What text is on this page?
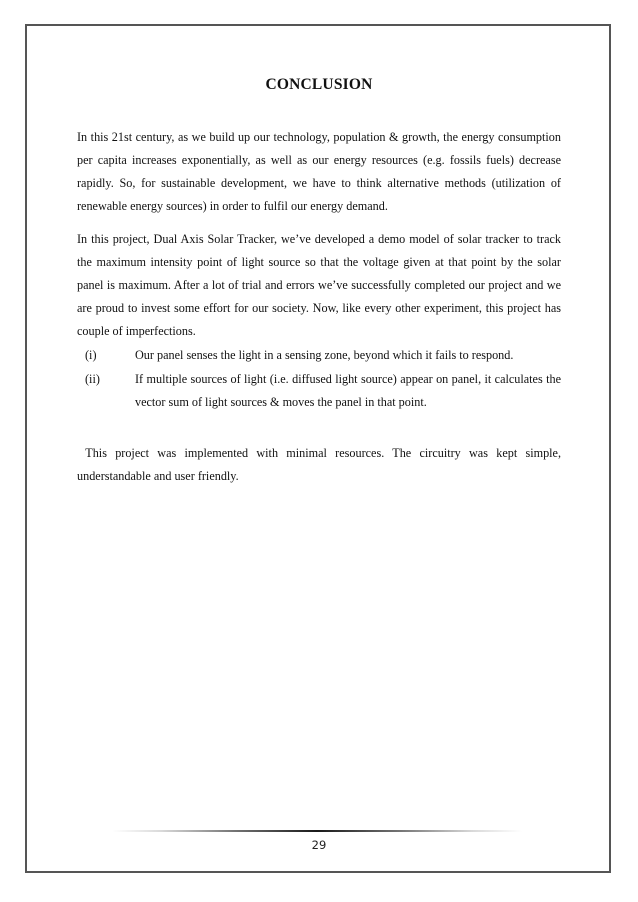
CONCLUSION

In this 21st century, as we build up our technology, population & growth, the energy consumption per capita increases exponentially, as well as our energy resources (e.g. fossils fuels) decrease rapidly. So, for sustainable development, we have to think alternative methods (utilization of renewable energy sources) in order to fulfil our energy demand.

In this project, Dual Axis Solar Tracker, we’ve developed a demo model of solar tracker to track the maximum intensity point of light source so that the voltage given at that point by the solar panel is maximum. After a lot of trial and errors we’ve successfully completed our project and we are proud to invest some effort for our society. Now, like every other experiment, this project has couple of imperfections.

(i)	Our panel senses the light in a sensing zone, beyond which it fails to respond.
(ii)	If multiple sources of light (i.e. diffused light source) appear on panel, it calculates the vector sum of light sources & moves the panel in that point.

This project was implemented with minimal resources. The circuitry was kept simple, understandable and user friendly.

29
